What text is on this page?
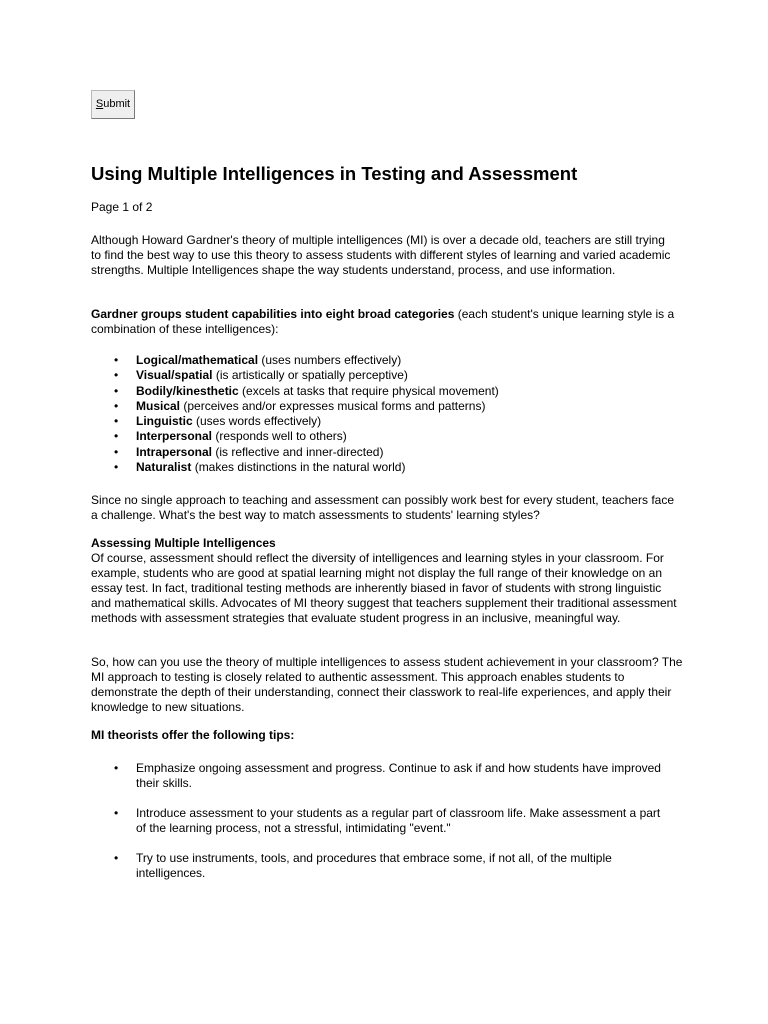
Submit
Using Multiple Intelligences in Testing and Assessment

Page 1 of 2

Although Howard Gardner's theory of multiple intelligences (MI) is over a decade old, teachers are still trying to find the best way to use this theory to assess students with different styles of learning and varied academic strengths. Multiple Intelligences shape the way students understand, process, and use information.

Gardner groups student capabilities into eight broad categories (each student's unique learning style is a combination of these intelligences):

• Logical/mathematical (uses numbers effectively)
• Visual/spatial (is artistically or spatially perceptive)
• Bodily/kinesthetic (excels at tasks that require physical movement)
• Musical (perceives and/or expresses musical forms and patterns)
• Linguistic (uses words effectively)
• Interpersonal (responds well to others)
• Intrapersonal (is reflective and inner-directed)
• Naturalist (makes distinctions in the natural world)

Since no single approach to teaching and assessment can possibly work best for every student, teachers face a challenge. What's the best way to match assessments to students' learning styles?

Assessing Multiple Intelligences
Of course, assessment should reflect the diversity of intelligences and learning styles in your classroom. For example, students who are good at spatial learning might not display the full range of their knowledge on an essay test. In fact, traditional testing methods are inherently biased in favor of students with strong linguistic and mathematical skills. Advocates of MI theory suggest that teachers supplement their traditional assessment methods with assessment strategies that evaluate student progress in an inclusive, meaningful way.

So, how can you use the theory of multiple intelligences to assess student achievement in your classroom? The MI approach to testing is closely related to authentic assessment. This approach enables students to demonstrate the depth of their understanding, connect their classwork to real-life experiences, and apply their knowledge to new situations.

MI theorists offer the following tips:

• Emphasize ongoing assessment and progress. Continue to ask if and how students have improved their skills.
• Introduce assessment to your students as a regular part of classroom life. Make assessment a part of the learning process, not a stressful, intimidating "event."
• Try to use instruments, tools, and procedures that embrace some, if not all, of the multiple intelligences.
